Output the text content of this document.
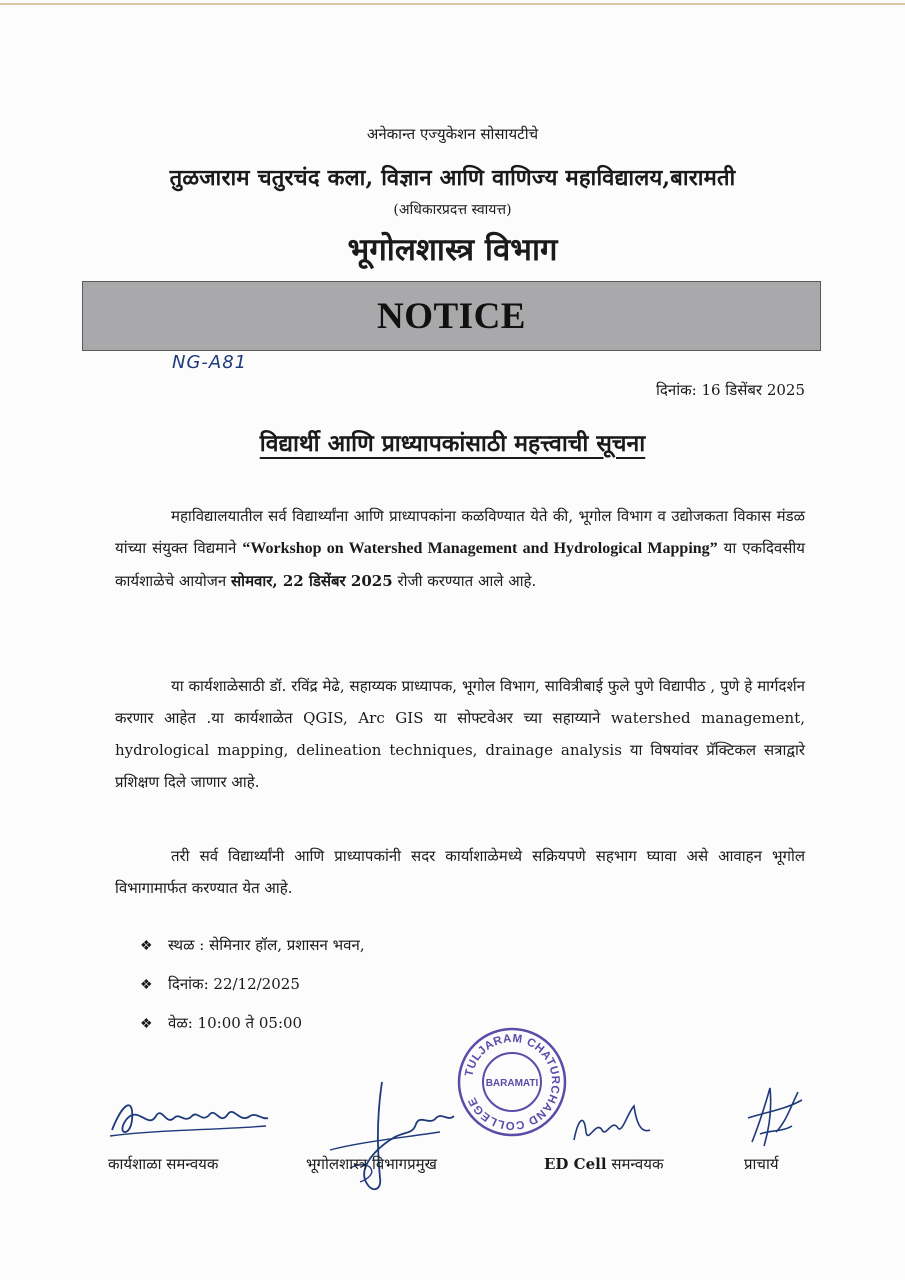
अनेकान्त एज्युकेशन सोसायटीचे
तुळजाराम चतुरचंद कला, विज्ञान आणि वाणिज्य महाविद्यालय,बारामती
(अधिकारप्रदत्त स्वायत्त)
भूगोलशास्त्र विभाग
NOTICE
NG-A81
दिनांक: 16 डिसेंबर 2025
विद्यार्थी आणि प्राध्यापकांसाठी महत्त्वाची सूचना
महाविद्यालयातील सर्व विद्यार्थ्यांना आणि प्राध्यापकांना कळविण्यात येते की, भूगोल विभाग व उद्योजकता विकास मंडळ यांच्या संयुक्त विद्यमाने “Workshop on Watershed Management and Hydrological Mapping” या एकदिवसीय कार्यशाळेचे आयोजन सोमवार, 22 डिसेंबर 2025 रोजी करण्यात आले आहे.
या कार्यशाळेसाठी डॉ. रविंद्र मेढे, सहाय्यक प्राध्यापक, भूगोल विभाग, सावित्रीबाई फुले पुणे विद्यापीठ , पुणे हे मार्गदर्शन करणार आहेत .या कार्यशाळेत QGIS, Arc GIS या सोफ्टवेअर च्या सहाय्याने watershed management, hydrological mapping, delineation techniques, drainage analysis या विषयांवर प्रॅक्टिकल सत्राद्वारे प्रशिक्षण दिले जाणार आहे.
तरी सर्व विद्यार्थ्यांनी आणि प्राध्यापकांनी सदर कार्याशाळेमध्ये सक्रियपणे सहभाग घ्यावा असे आवाहन भूगोल विभागामार्फत करण्यात येत आहे.
❖ स्थळ : सेमिनार हॉल, प्रशासन भवन,
❖ दिनांक: 22/12/2025
❖ वेळ: 10:00 ते 05:00
TULJARAM CHATURCHAND COLLEGE
BARAMATI
कार्यशाळा समन्वयक	भूगोलशास्त्र विभागप्रमुख	ED Cell समन्वयक	प्राचार्य
